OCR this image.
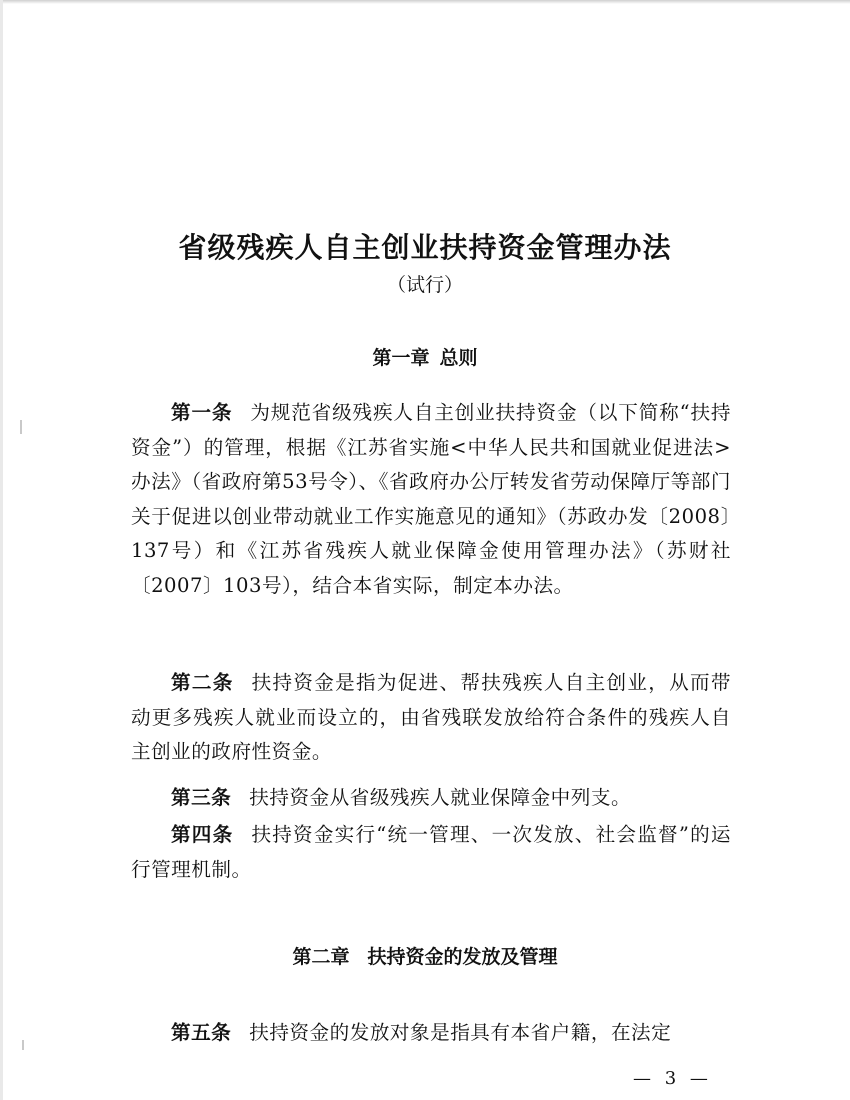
省级残疾人自主创业扶持资金管理办法
（试行）
第一章 总则
第一条 为规范省级残疾人自主创业扶持资金（以下简称“扶持资金”）的管理，根据《江苏省实施<中华人民共和国就业促进法>办法》（省政府第53号令）、《省政府办公厅转发省劳动保障厅等部门关于促进以创业带动就业工作实施意见的通知》（苏政办发〔2008〕137号）和《江苏省残疾人就业保障金使用管理办法》（苏财社〔2007〕103号），结合本省实际，制定本办法。
第二条 扶持资金是指为促进、帮扶残疾人自主创业，从而带动更多残疾人就业而设立的，由省残联发放给符合条件的残疾人自主创业的政府性资金。
第三条 扶持资金从省级残疾人就业保障金中列支。
第四条 扶持资金实行“统一管理、一次发放、社会监督”的运行管理机制。
第二章 扶持资金的发放及管理
第五条 扶持资金的发放对象是指具有本省户籍，在法定
— 3 —
